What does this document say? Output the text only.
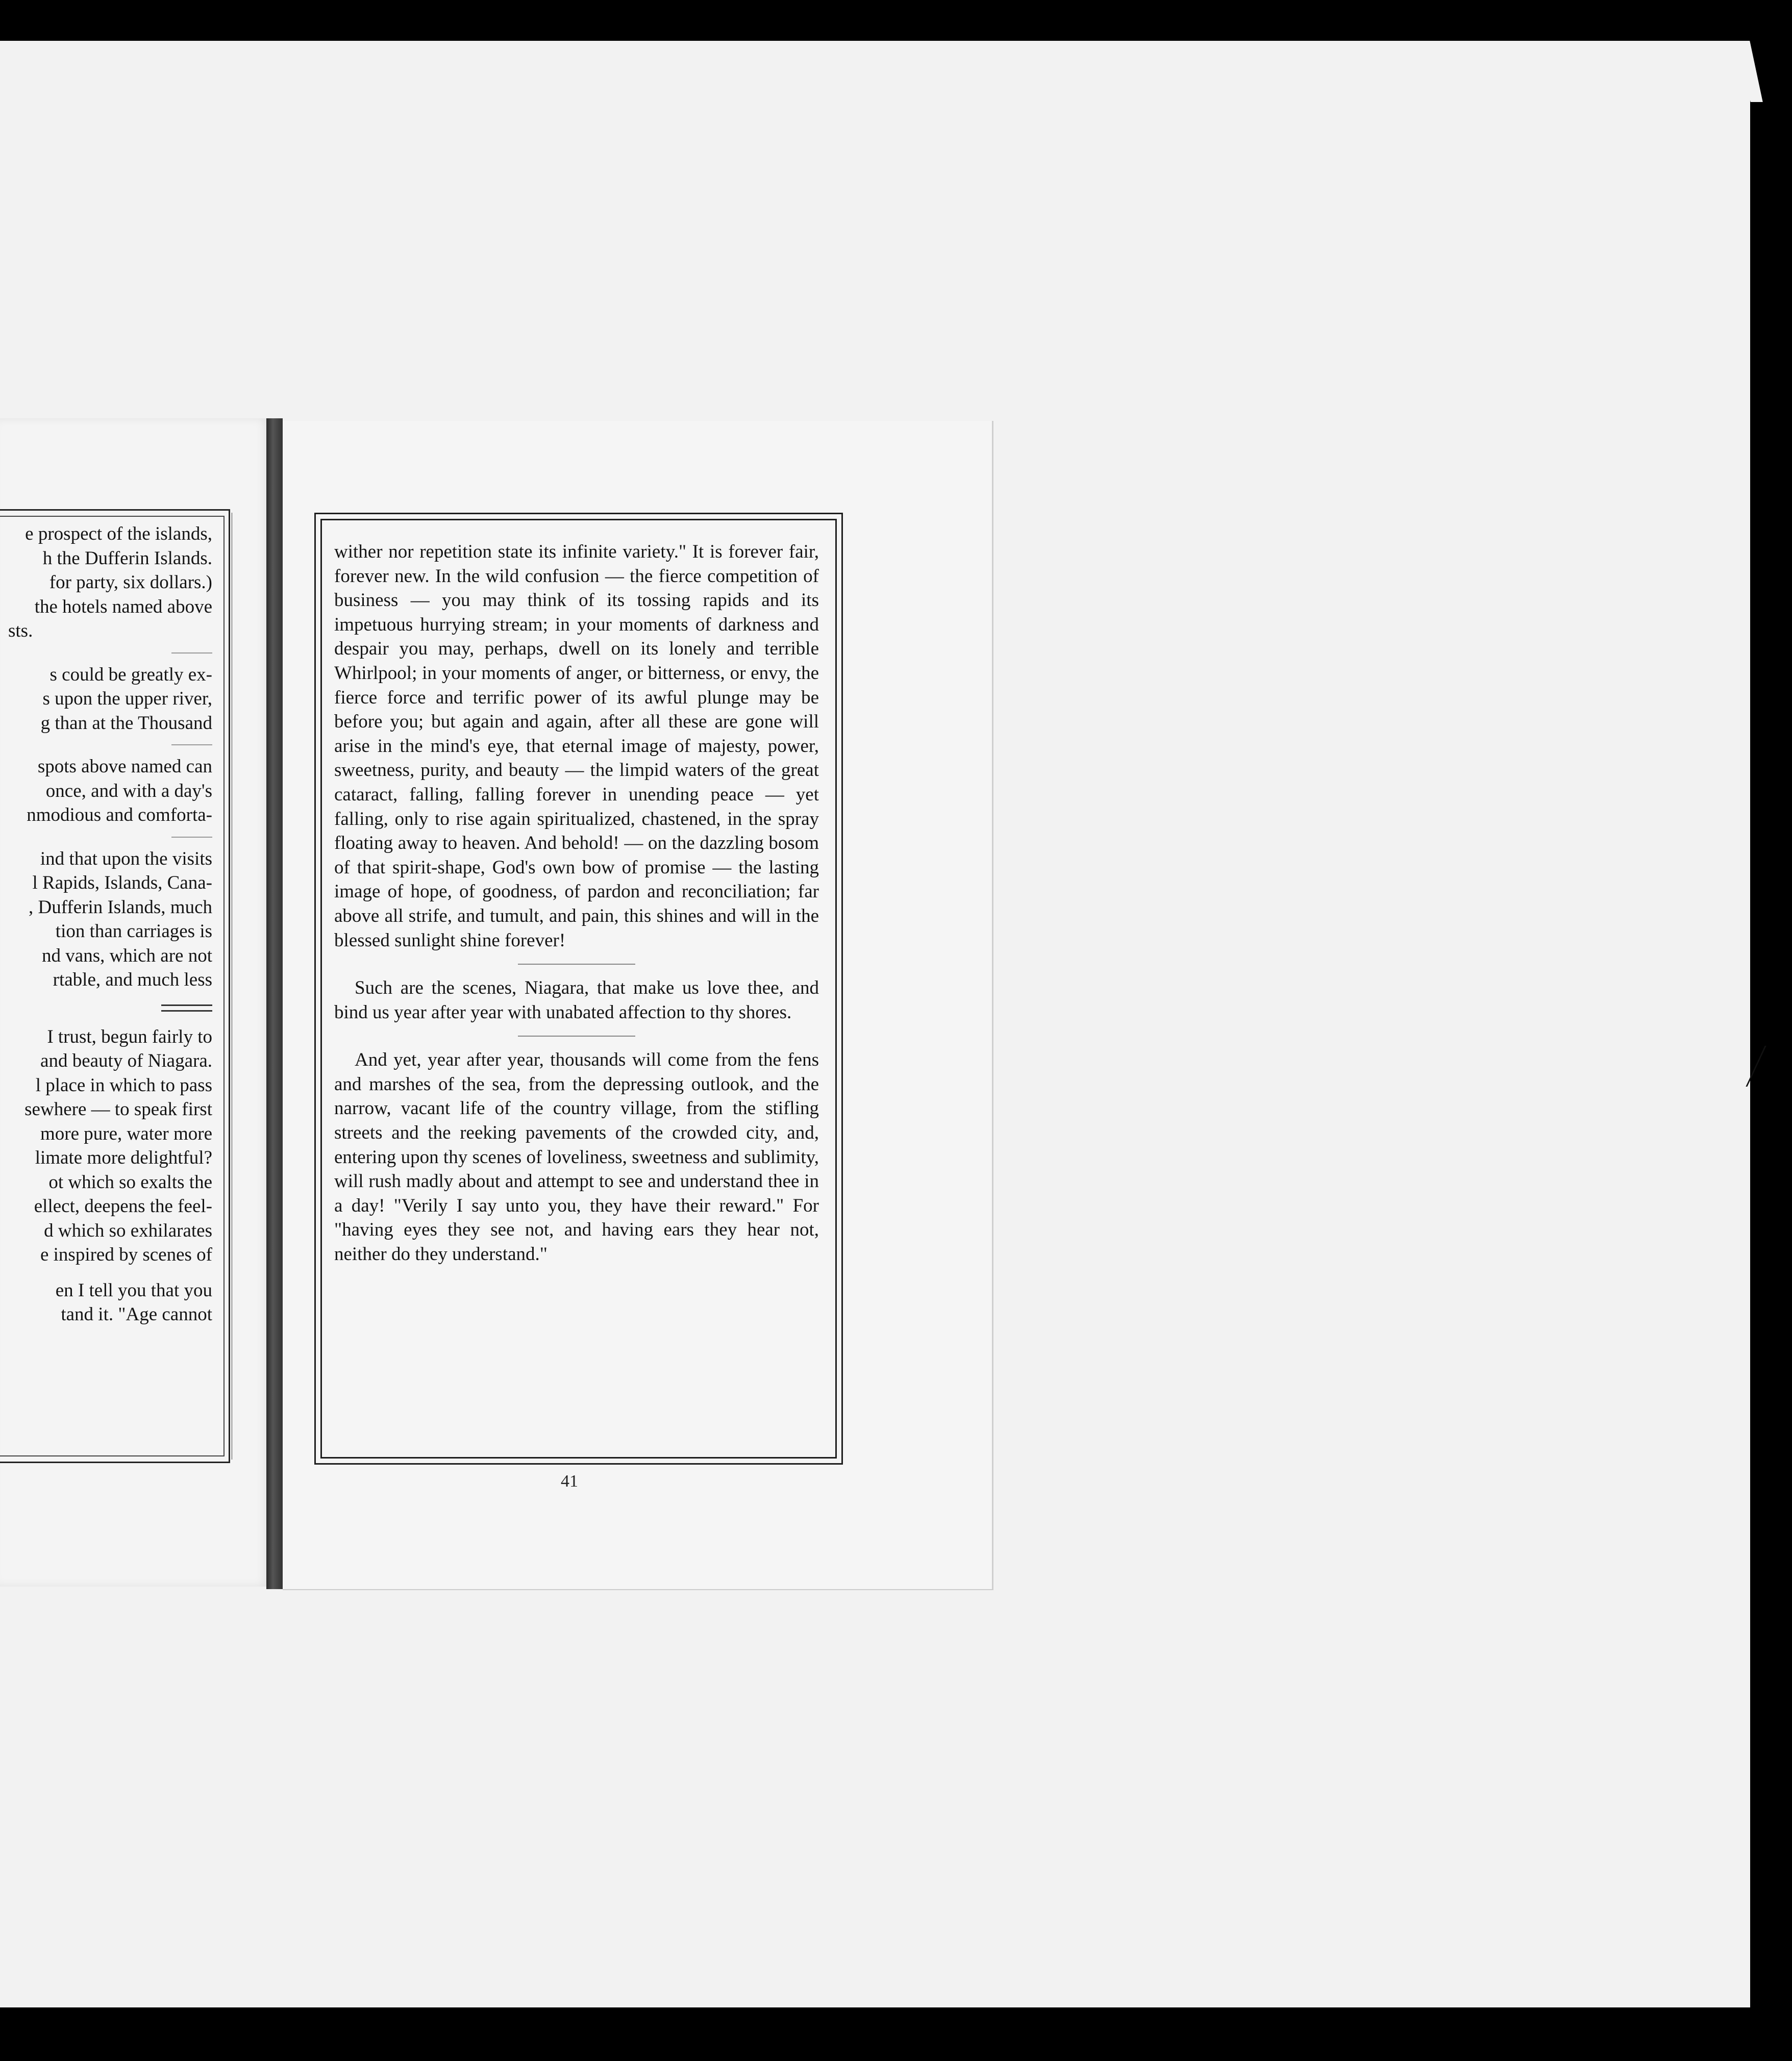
e prospect of the islands,
h the Dufferin Islands.
for party, six dollars.)
the hotels named above
sts.
s could be greatly ex-
s upon the upper river,
g than at the Thousand
spots above named can
once, and with a day's
nmodious and comforta-
ind that upon the visits
l Rapids, Islands, Cana-
, Dufferin Islands, much
tion than carriages is
nd vans, which are not
rtable, and much less
I trust, begun fairly to
and beauty of Niagara.
l place in which to pass
sewhere — to speak first
more pure, water more
limate more delightful?
ot which so exalts the
ellect, deepens the feel-
d which so exhilarates
e inspired by scenes of
en I tell you that you
tand it. "Age cannot

wither nor repetition state its infinite variety." It is forever fair, forever new. In the wild confusion — the fierce competition of business — you may think of its tossing rapids and its impetuous hurrying stream; in your moments of darkness and despair you may, perhaps, dwell on its lonely and terrible Whirlpool; in your moments of anger, or bitterness, or envy, the fierce force and terrific power of its awful plunge may be before you; but again and again, after all these are gone will arise in the mind's eye, that eternal image of majesty, power, sweetness, purity, and beauty — the limpid waters of the great cataract, falling, falling forever in unending peace — yet falling, only to rise again spiritualized, chastened, in the spray floating away to heaven. And behold! — on the dazzling bosom of that spirit-shape, God's own bow of promise — the lasting image of hope, of goodness, of pardon and reconciliation; far above all strife, and tumult, and pain, this shines and will in the blessed sunlight shine forever!

Such are the scenes, Niagara, that make us love thee, and bind us year after year with unabated affection to thy shores.

And yet, year after year, thousands will come from the fens and marshes of the sea, from the depressing outlook, and the narrow, vacant life of the country village, from the stifling streets and the reeking pavements of the crowded city, and, entering upon thy scenes of loveliness, sweetness and sublimity, will rush madly about and attempt to see and understand thee in a day! "Verily I say unto you, they have their reward." For "having eyes they see not, and having ears they hear not, neither do they understand."

41
